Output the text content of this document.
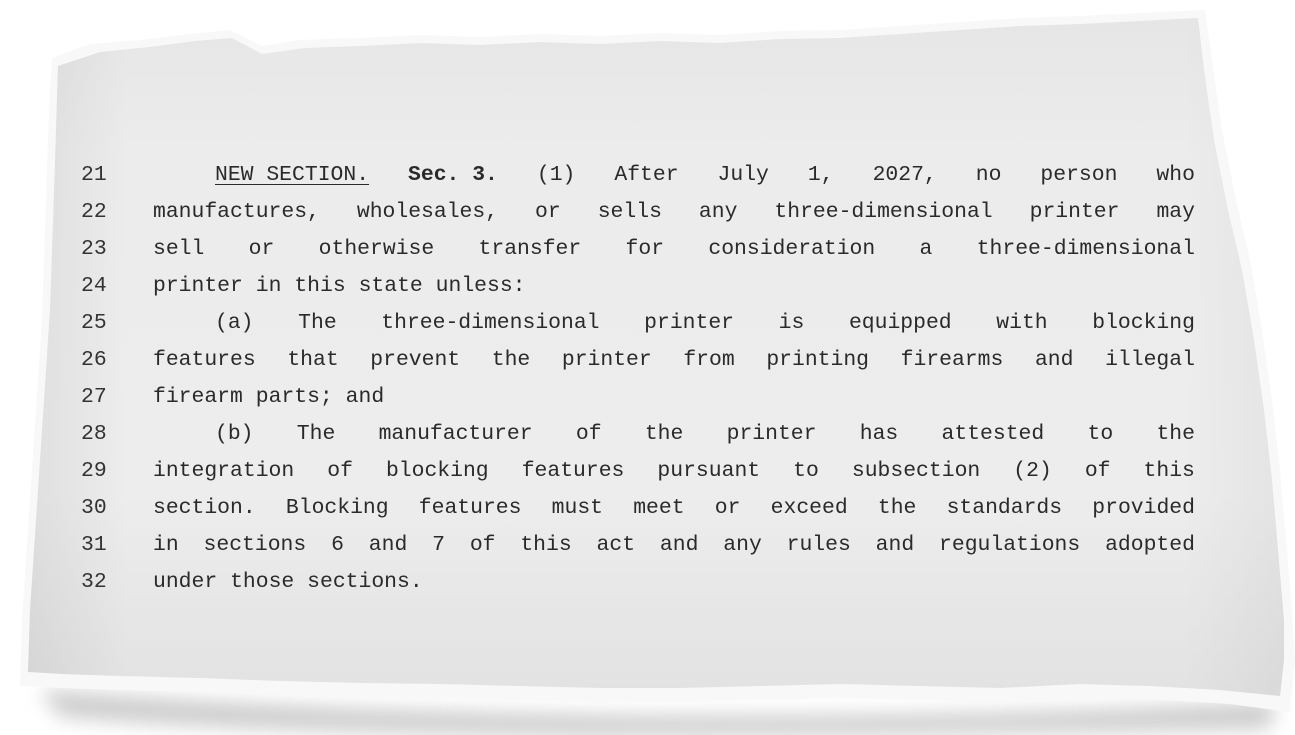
21	NEW SECTION. Sec. 3. (1) After July 1, 2027, no person who
22	manufactures, wholesales, or sells any three-dimensional printer may
23	sell or otherwise transfer for consideration a three-dimensional
24	printer in this state unless:
25	(a) The three-dimensional printer is equipped with blocking
26	features that prevent the printer from printing firearms and illegal
27	firearm parts; and
28	(b) The manufacturer of the printer has attested to the
29	integration of blocking features pursuant to subsection (2) of this
30	section. Blocking features must meet or exceed the standards provided
31	in sections 6 and 7 of this act and any rules and regulations adopted
32	under those sections.
